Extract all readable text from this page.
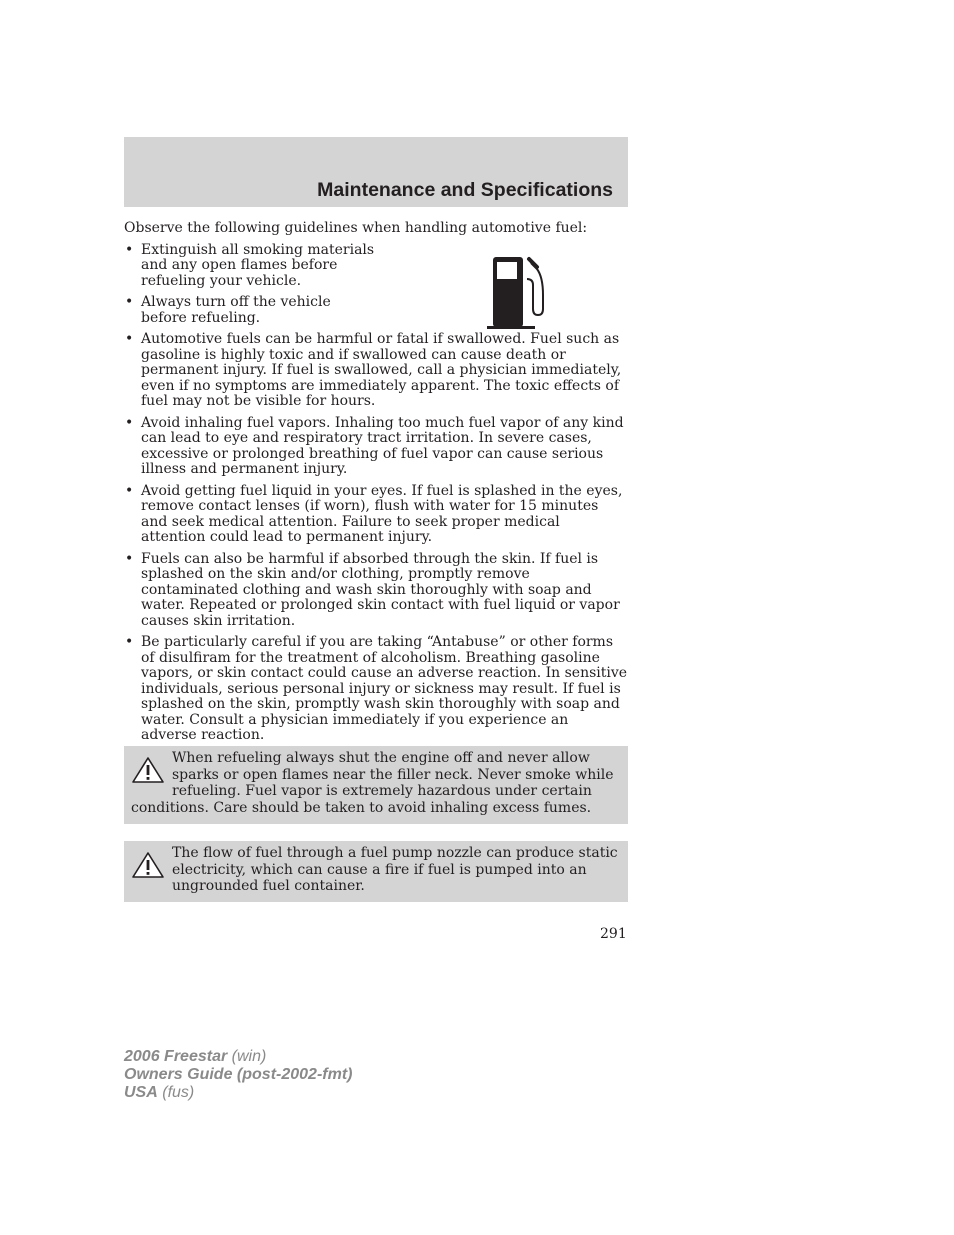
Maintenance and Specifications

Observe the following guidelines when handling automotive fuel:

• Extinguish all smoking materials and any open flames before refueling your vehicle.
• Always turn off the vehicle before refueling.
• Automotive fuels can be harmful or fatal if swallowed. Fuel such as gasoline is highly toxic and if swallowed can cause death or permanent injury. If fuel is swallowed, call a physician immediately, even if no symptoms are immediately apparent. The toxic effects of fuel may not be visible for hours.
• Avoid inhaling fuel vapors. Inhaling too much fuel vapor of any kind can lead to eye and respiratory tract irritation. In severe cases, excessive or prolonged breathing of fuel vapor can cause serious illness and permanent injury.
• Avoid getting fuel liquid in your eyes. If fuel is splashed in the eyes, remove contact lenses (if worn), flush with water for 15 minutes and seek medical attention. Failure to seek proper medical attention could lead to permanent injury.
• Fuels can also be harmful if absorbed through the skin. If fuel is splashed on the skin and/or clothing, promptly remove contaminated clothing and wash skin thoroughly with soap and water. Repeated or prolonged skin contact with fuel liquid or vapor causes skin irritation.
• Be particularly careful if you are taking “Antabuse” or other forms of disulfiram for the treatment of alcoholism. Breathing gasoline vapors, or skin contact could cause an adverse reaction. In sensitive individuals, serious personal injury or sickness may result. If fuel is splashed on the skin, promptly wash skin thoroughly with soap and water. Consult a physician immediately if you experience an adverse reaction.
When refueling always shut the engine off and never allow sparks or open flames near the filler neck. Never smoke while refueling. Fuel vapor is extremely hazardous under certain conditions. Care should be taken to avoid inhaling excess fumes.
The flow of fuel through a fuel pump nozzle can produce static electricity, which can cause a fire if fuel is pumped into an ungrounded fuel container.
291
2006 Freestar (win)
Owners Guide (post-2002-fmt)
USA (fus)
